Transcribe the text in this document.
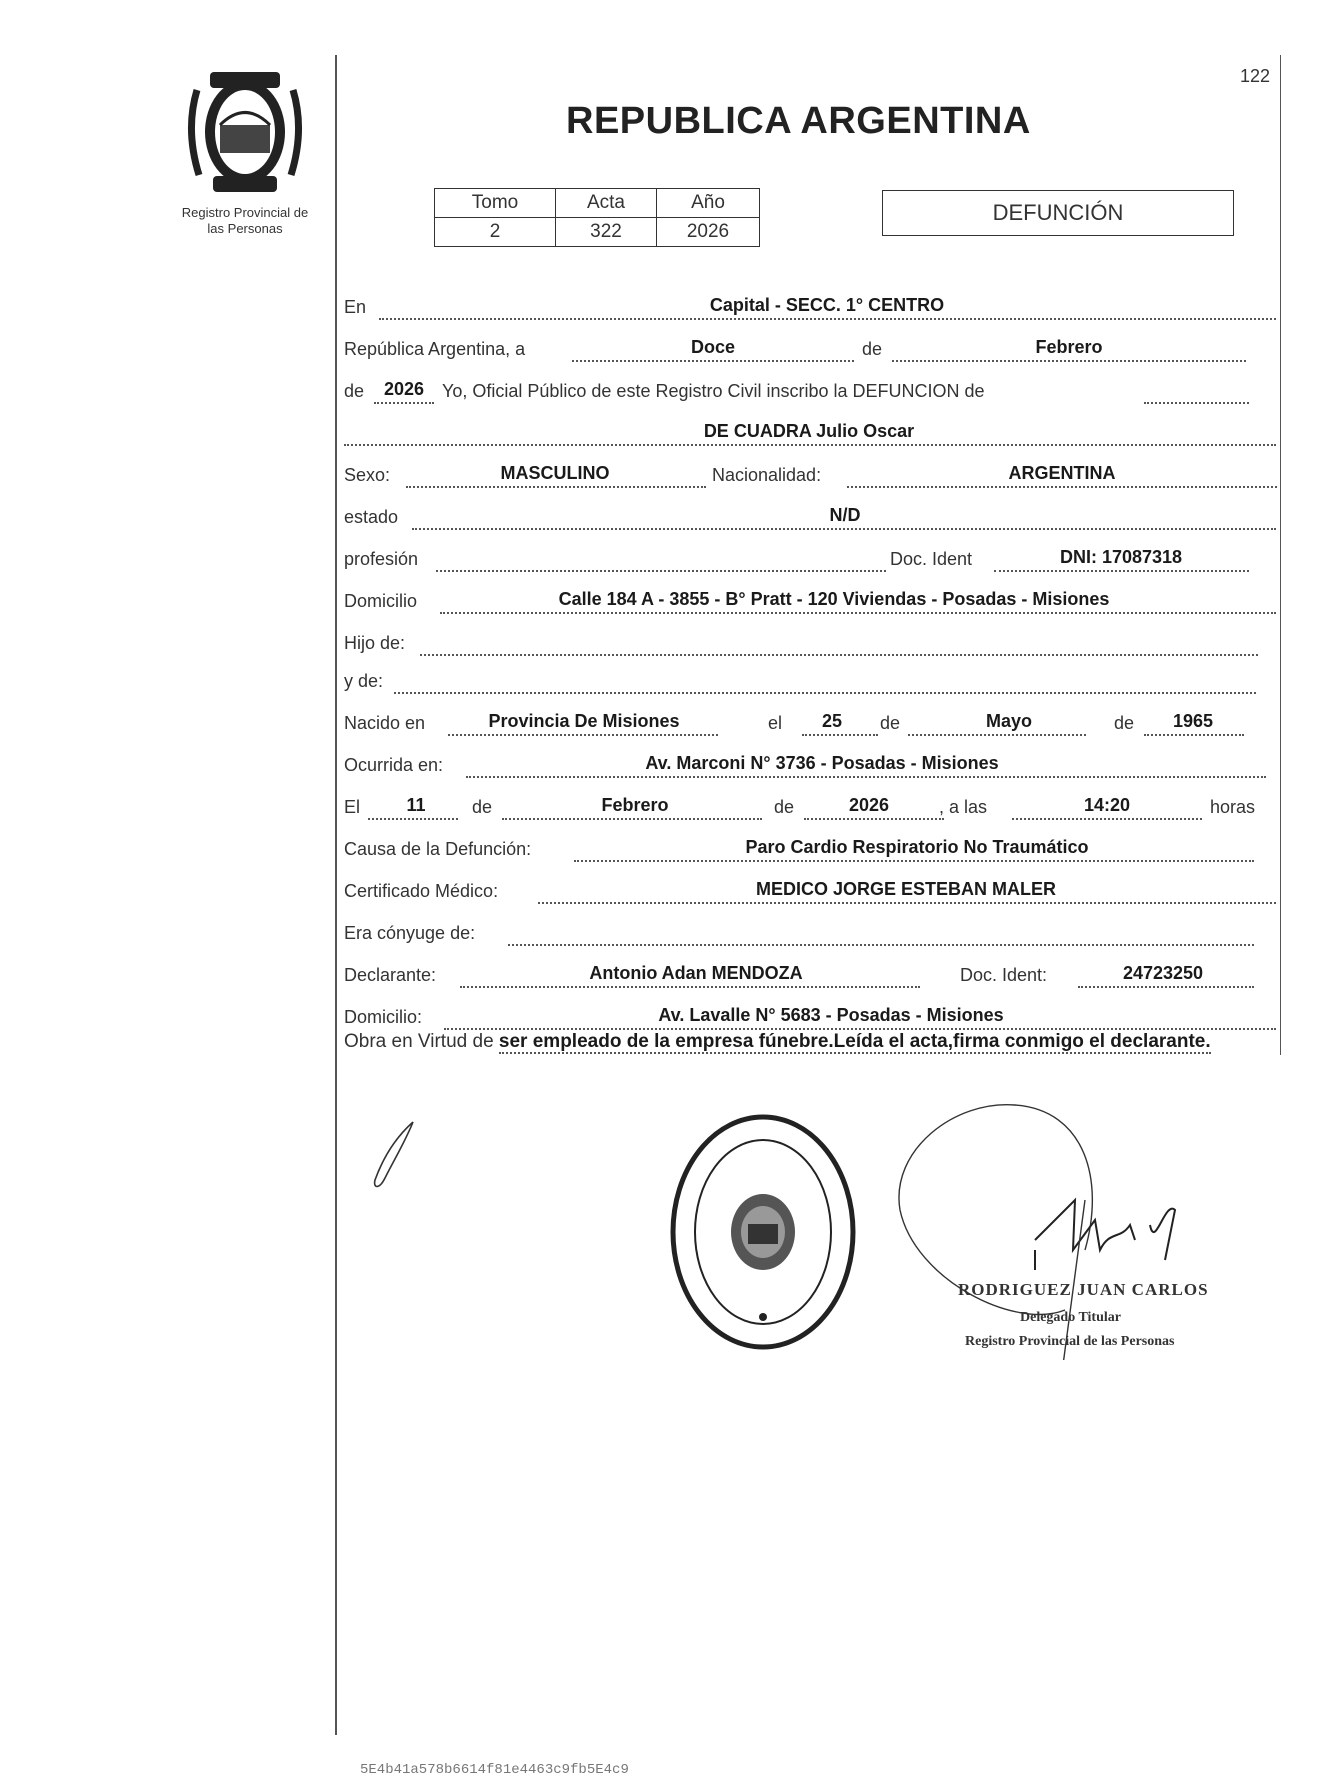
Registro Provincial de
las Personas
122
REPUBLICA ARGENTINA
Tomo	Acta	Año
2	322	2026
DEFUNCIÓN
En	Capital - SECC. 1° CENTRO
República Argentina, a	Doce	de	Febrero
de 2026 Yo, Oficial Público de este Registro Civil inscribo la DEFUNCION de
DE CUADRA Julio Oscar
Sexo:	MASCULINO	Nacionalidad:	ARGENTINA
estado	N/D
profesión	Doc. Ident	DNI: 17087318
Domicilio	Calle 184 A - 3855 - B° Pratt - 120 Viviendas - Posadas - Misiones
Hijo de:
y de:
Nacido en	Provincia De Misiones	el 25 de	Mayo	de 1965
Ocurrida en:	Av. Marconi N° 3736 - Posadas - Misiones
El	11	de	Febrero	de	2026	, a las	14:20	horas
Causa de la Defunción:	Paro Cardio Respiratorio No Traumático
Certificado Médico:	MEDICO JORGE ESTEBAN MALER
Era cónyuge de:
Declarante:	Antonio Adan MENDOZA	Doc. Ident:	24723250
Domicilio:	Av. Lavalle N° 5683 - Posadas - Misiones
Obra en Virtud de ser empleado de la empresa fúnebre.Leída el acta,firma conmigo el declarante.
RODRIGUEZ JUAN CARLOS
Delegado Titular
Registro Provincial de las Personas
5E4b41a578b6614f81e4463c9fb5E4c9
